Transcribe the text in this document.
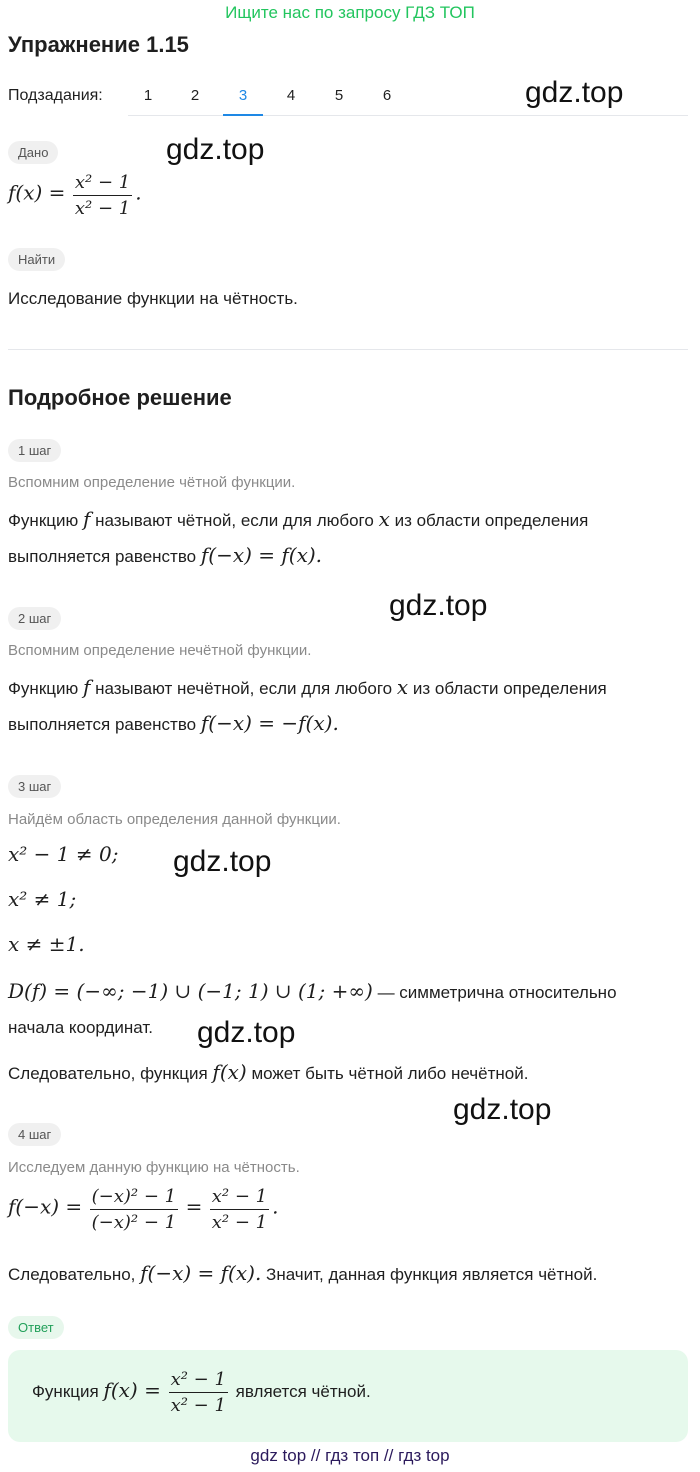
Ищите нас по запросу ГДЗ ТОП
Упражнение 1.15
Подзадания:	1	2	3	4	5	6	gdz.top
gdz.top
gdz.top
gdz.top
gdz.top
gdz.top
Дано
$f(x) = \frac{\text{x² − 1}}{\text{x² − 1}}$ .
Найти
Исследование функции на чётность.
Подробное решение
1 шаг
Вспомним определение чётной функции.
Функцию f называют чётной, если для любого x из области определения
выполняется равенство f(−x) = f(x).
2 шаг
Вспомним определение нечётной функции.
Функцию f называют нечётной, если для любого x из области определения
выполняется равенство f(−x) = −f(x).
3 шаг
Найдём область определения данной функции.
x² − 1 ≠ 0;
x² ≠ 1;
x ≠ ±1.
D(f) = (−∞; −1) ∪ (−1; 1) ∪ (1; +∞) — симметрична относительно
начала координат.
Следовательно, функция f(x) может быть чётной либо нечётной.
4 шаг
Исследуем данную функцию на чётность.
$f(-x) = \frac{\text{(−x)² − 1}}{\text{(−x)² − 1}} = \frac{\text{x² − 1}}{\text{x² − 1}}$ .
Следовательно, f(−x) = f(x). Значит, данная функция является чётной.
Ответ
Функция $f(x) = \frac{\text{x² − 1}}{\text{x² − 1}}$ является чётной.
gdz top // гдз топ // гдз top
